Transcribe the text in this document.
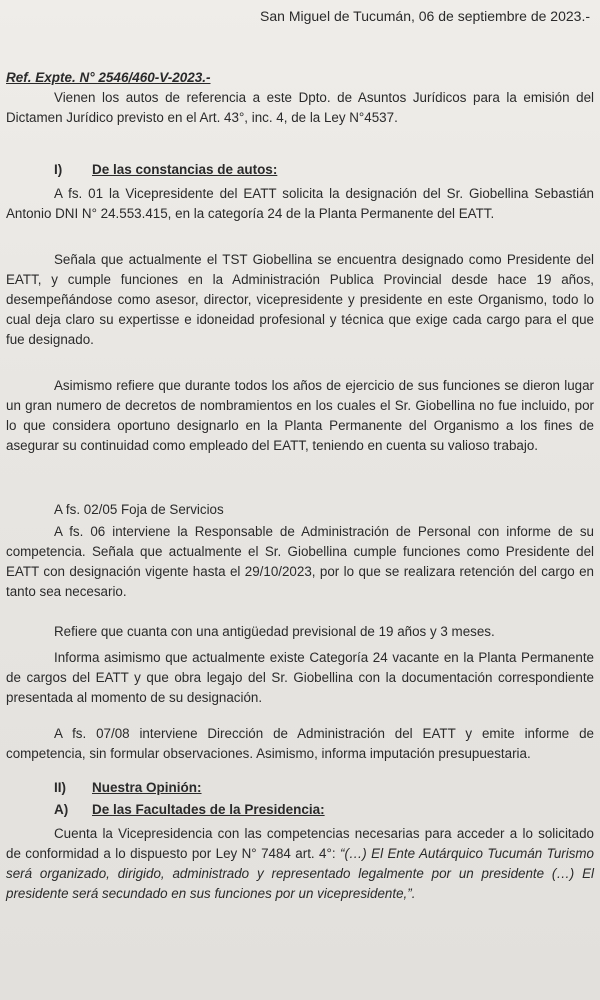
San Miguel de Tucumán, 06 de septiembre de 2023.-
Ref. Expte. N° 2546/460-V-2023.-
Vienen los autos de referencia a este Dpto. de Asuntos Jurídicos para la emisión del Dictamen Jurídico previsto en el Art. 43°, inc. 4, de la Ley N°4537.
I) De las constancias de autos:
A fs. 01 la Vicepresidente del EATT solicita la designación del Sr. Giobellina Sebastián Antonio DNI N° 24.553.415, en la categoría 24 de la Planta Permanente del EATT.
Señala que actualmente el TST Giobellina se encuentra designado como Presidente del EATT, y cumple funciones en la Administración Publica Provincial desde hace 19 años, desempeñándose como asesor, director, vicepresidente y presidente en este Organismo, todo lo cual deja claro su expertisse e idoneidad profesional y técnica que exige cada cargo para el que fue designado.
Asimismo refiere que durante todos los años de ejercicio de sus funciones se dieron lugar un gran numero de decretos de nombramientos en los cuales el Sr. Giobellina no fue incluido, por lo que considera oportuno designarlo en la Planta Permanente del Organismo a los fines de asegurar su continuidad como empleado del EATT, teniendo en cuenta su valioso trabajo.
A fs. 02/05 Foja de Servicios
A fs. 06 interviene la Responsable de Administración de Personal con informe de su competencia. Señala que actualmente el Sr. Giobellina cumple funciones como Presidente del EATT con designación vigente hasta el 29/10/2023, por lo que se realizara retención del cargo en tanto sea necesario.
Refiere que cuanta con una antigüedad previsional de 19 años y 3 meses.
Informa asimismo que actualmente existe Categoría 24 vacante en la Planta Permanente de cargos del EATT y que obra legajo del Sr. Giobellina con la documentación correspondiente presentada al momento de su designación.
A fs. 07/08 interviene Dirección de Administración del EATT y emite informe de competencia, sin formular observaciones. Asimismo, informa imputación presupuestaria.
II) Nuestra Opinión:
A) De las Facultades de la Presidencia:
Cuenta la Vicepresidencia con las competencias necesarias para acceder a lo solicitado de conformidad a lo dispuesto por Ley N° 7484 art. 4°: “(…) El Ente Autárquico Tucumán Turismo será organizado, dirigido, administrado y representado legalmente por un presidente (…) El presidente será secundado en sus funciones por un vicepresidente,”.
